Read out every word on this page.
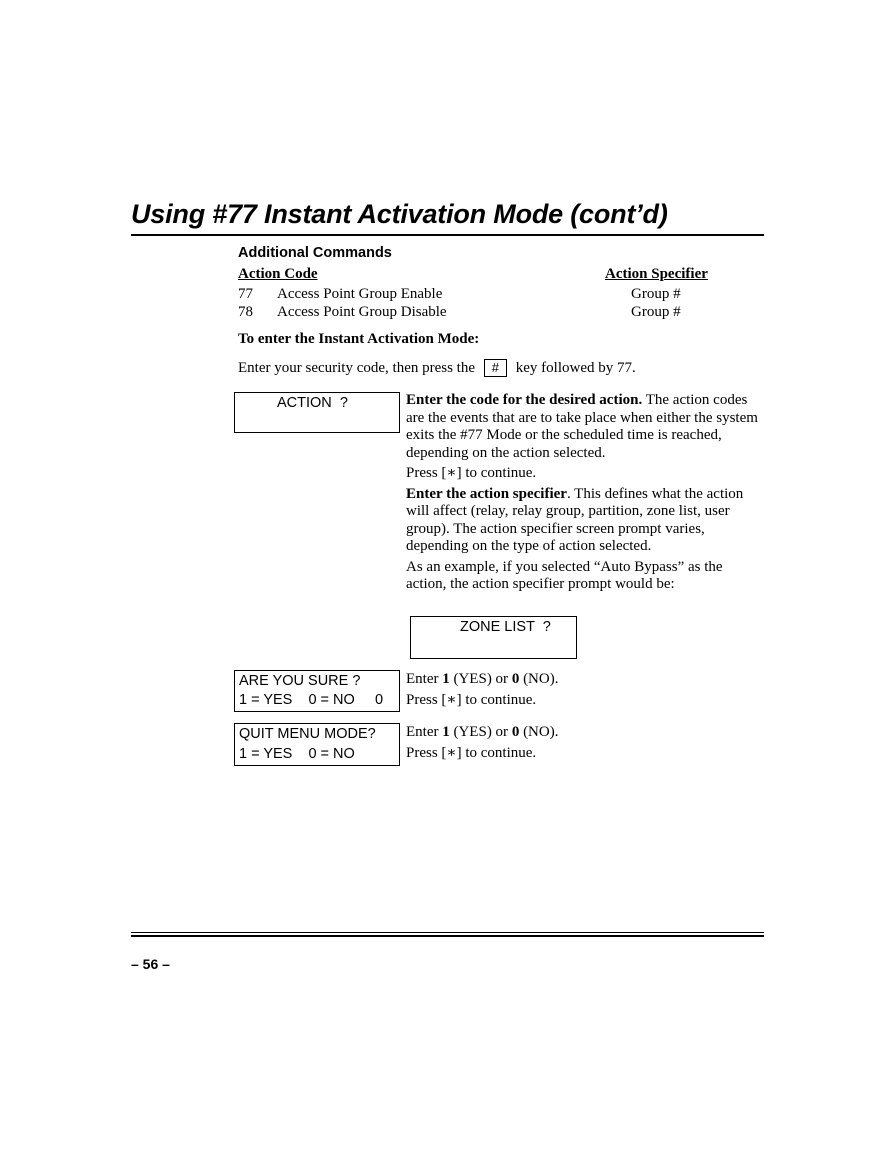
Using #77 Instant Activation Mode (cont’d)
Additional Commands
Action Code	Action Specifier
77 Access Point Group Enable	Group #
78 Access Point Group Disable	Group #
To enter the Instant Activation Mode:
Enter your security code, then press the # key followed by 77.
ACTION  ?	Enter the code for the desired action. The action codes are the events that are to take place when either the system exits the #77 Mode or the scheduled time is reached, depending on the action selected.

Press [∗] to continue.

Enter the action specifier. This defines what the action will affect (relay, relay group, partition, zone list, user group). The action specifier screen prompt varies, depending on the type of action selected.

As an example, if you selected “Auto Bypass” as the action, the action specifier prompt would be:

ZONE LIST  ?
ARE YOU SURE ?
1 = YES    0 = NO     0

Enter 1 (YES) or 0 (NO).

Press [∗] to continue.

QUIT MENU MODE?
1 = YES    0 = NO

Enter 1 (YES) or 0 (NO).

Press [∗] to continue.

– 56 –
